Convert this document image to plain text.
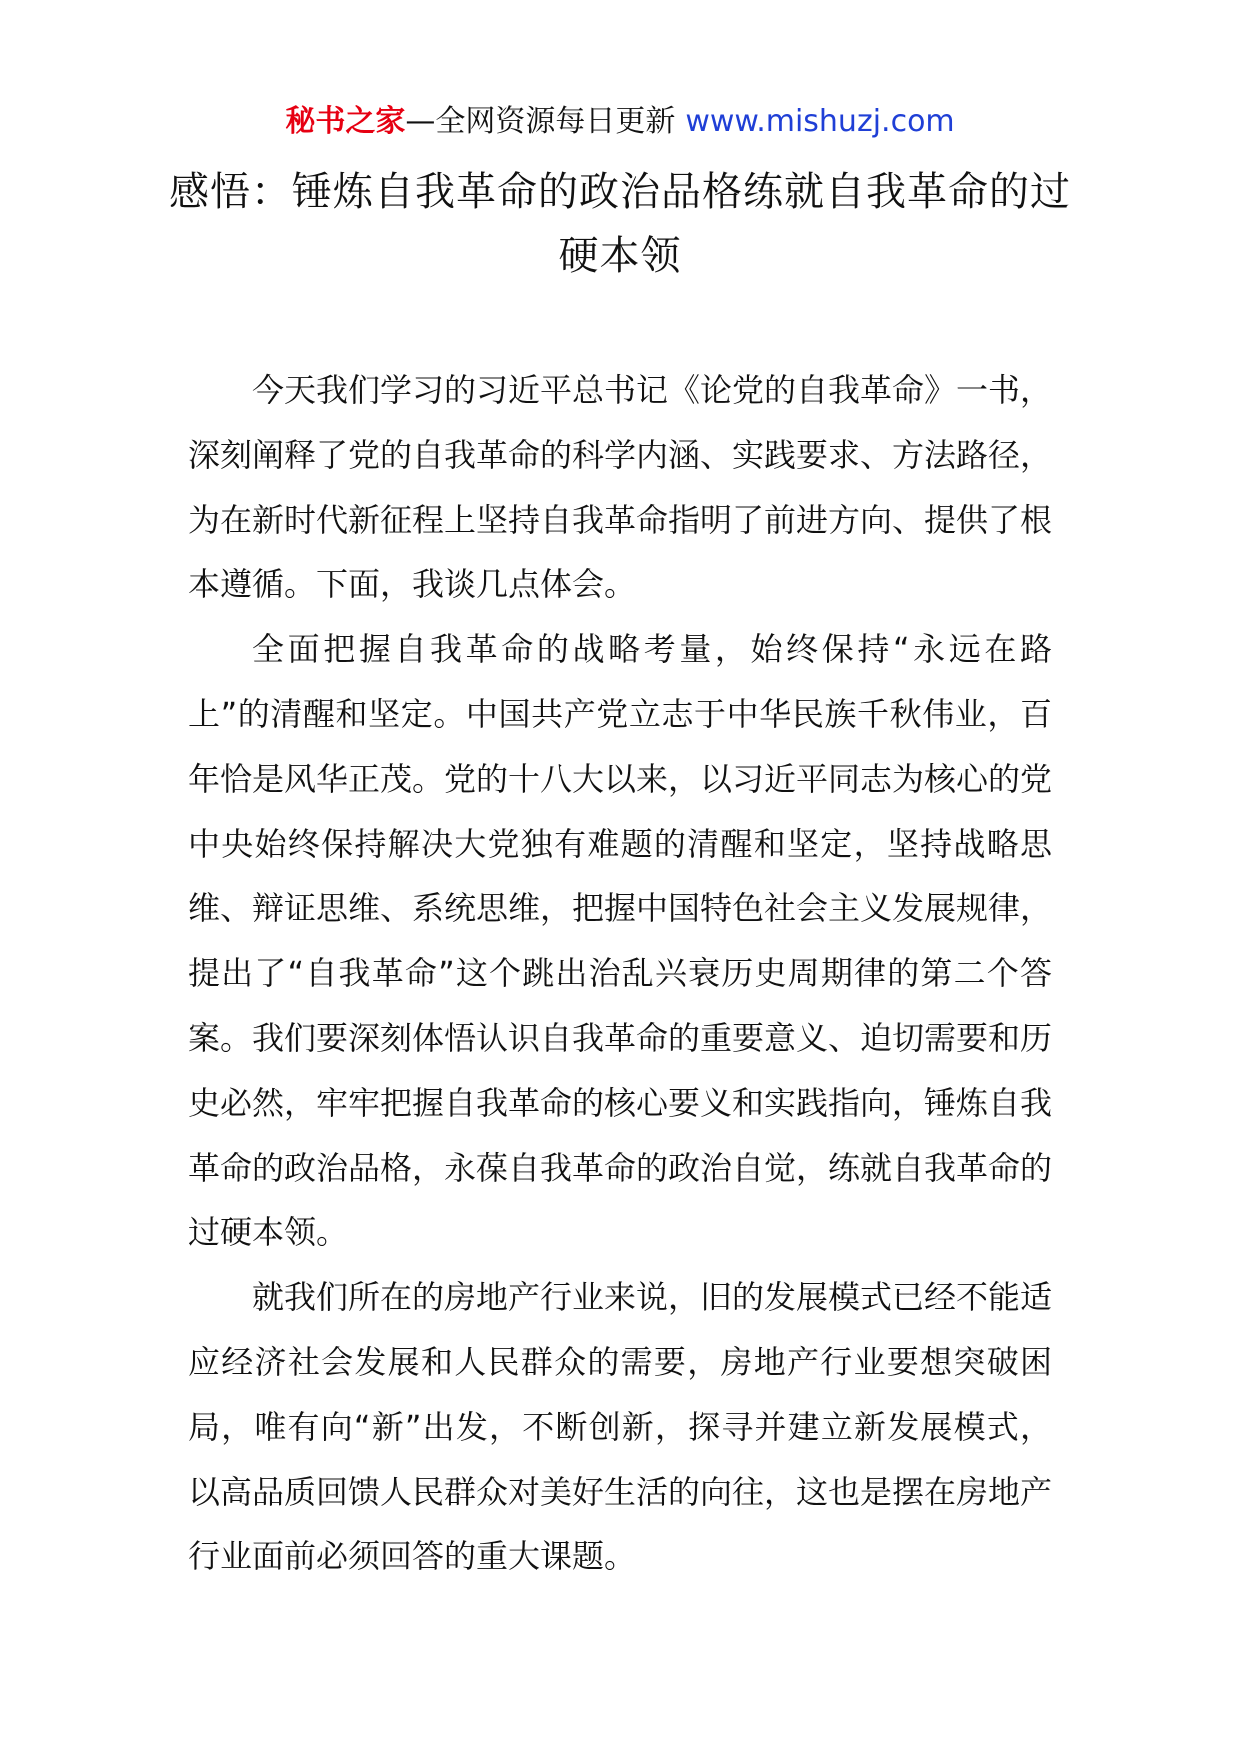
秘书之家—全网资源每日更新 www.mishuzj.com
感悟：锤炼自我革命的政治品格练就自我革命的过硬本领

今天我们学习的习近平总书记《论党的自我革命》一书，深刻阐释了党的自我革命的科学内涵、实践要求、方法路径，为在新时代新征程上坚持自我革命指明了前进方向、提供了根本遵循。下面，我谈几点体会。

全面把握自我革命的战略考量，始终保持“永远在路上”的清醒和坚定。中国共产党立志于中华民族千秋伟业，百年恰是风华正茂。党的十八大以来，以习近平同志为核心的党中央始终保持解决大党独有难题的清醒和坚定，坚持战略思维、辩证思维、系统思维，把握中国特色社会主义发展规律，提出了“自我革命”这个跳出治乱兴衰历史周期律的第二个答案。我们要深刻体悟认识自我革命的重要意义、迫切需要和历史必然，牢牢把握自我革命的核心要义和实践指向，锤炼自我革命的政治品格，永葆自我革命的政治自觉，练就自我革命的过硬本领。

就我们所在的房地产行业来说，旧的发展模式已经不能适应经济社会发展和人民群众的需要，房地产行业要想突破困局，唯有向“新”出发，不断创新，探寻并建立新发展模式，以高品质回馈人民群众对美好生活的向往，这也是摆在房地产行业面前必须回答的重大课题。
